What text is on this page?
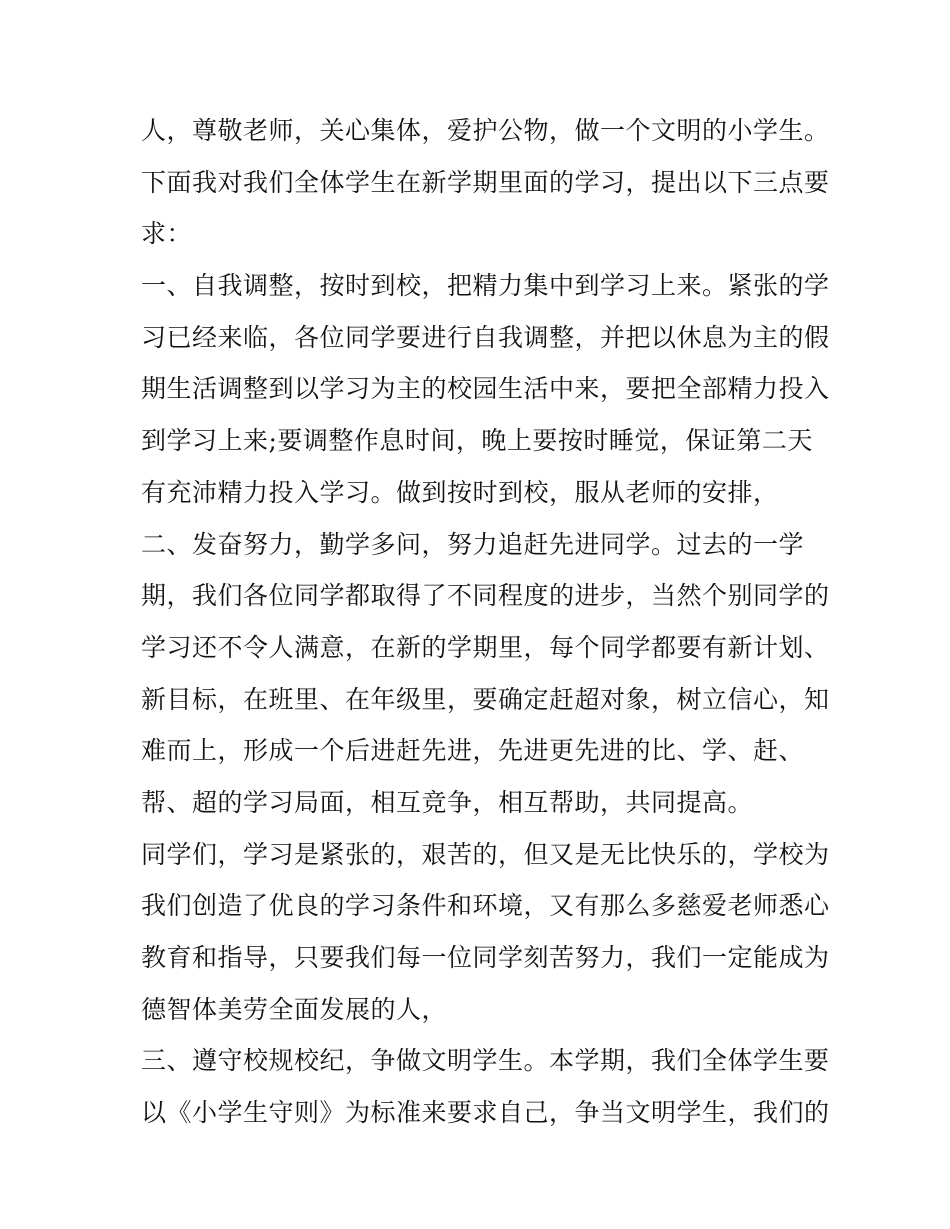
人，尊敬老师，关心集体，爱护公物，做一个文明的小学生。
下面我对我们全体学生在新学期里面的学习，提出以下三点要
求：
一、自我调整，按时到校，把精力集中到学习上来。紧张的学
习已经来临，各位同学要进行自我调整，并把以休息为主的假
期生活调整到以学习为主的校园生活中来，要把全部精力投入
到学习上来;要调整作息时间，晚上要按时睡觉，保证第二天
有充沛精力投入学习。做到按时到校，服从老师的安排，
二、发奋努力，勤学多问，努力追赶先进同学。过去的一学
期，我们各位同学都取得了不同程度的进步，当然个别同学的
学习还不令人满意，在新的学期里，每个同学都要有新计划、
新目标，在班里、在年级里，要确定赶超对象，树立信心，知
难而上，形成一个后进赶先进，先进更先进的比、学、赶、
帮、超的学习局面，相互竞争，相互帮助，共同提高。
同学们，学习是紧张的，艰苦的，但又是无比快乐的，学校为
我们创造了优良的学习条件和环境，又有那么多慈爱老师悉心
教育和指导，只要我们每一位同学刻苦努力，我们一定能成为
德智体美劳全面发展的人，
三、遵守校规校纪，争做文明学生。本学期，我们全体学生要
以《小学生守则》为标准来要求自己，争当文明学生，我们的
